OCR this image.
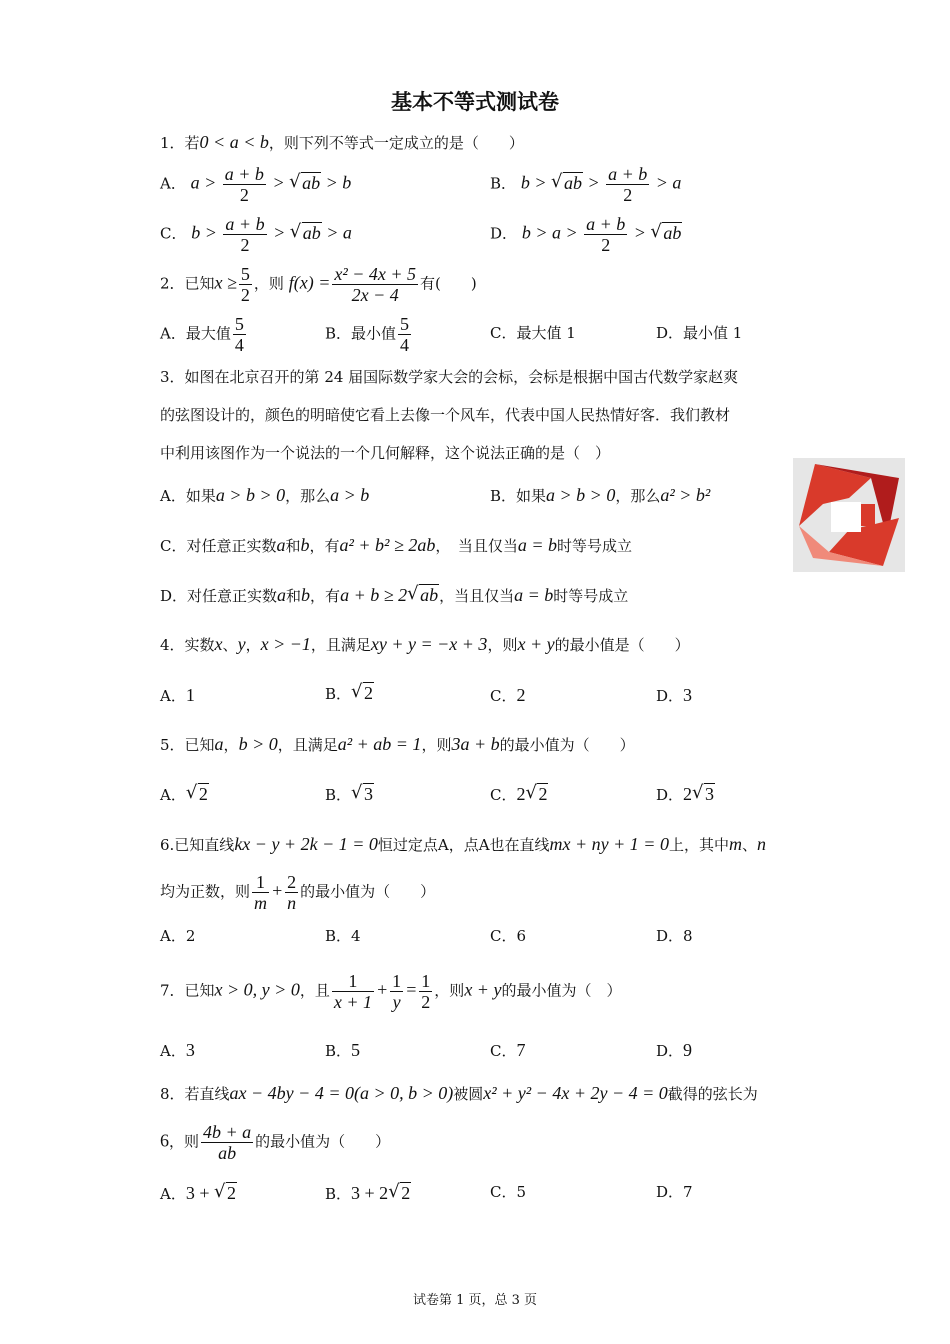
基本不等式测试卷
1．若0 < a < b，则下列不等式一定成立的是（　　）
A． $a > \frac{a + b}{2}$ > √ ab > b	B． b > √ ab > $\frac{a + b}{2} > a$
C． $b > \frac{a + b}{2}$ > √ ab > a	D． $b > a > \frac{a + b}{2}$ > √ ab
2．已知$x \ge \frac{5}{2}$ ，则 $f(x) = \frac{\text{x² − 4x + 5}}{2x - 4}$ 有(　　)
A．最大值 $\frac{5}{4}$	B．最小值 $\frac{5}{4}$	C．最大值 1	D．最小值 1
3．如图在北京召开的第 24 届国际数学家大会的会标，会标是根据中国古代数学家赵爽
的弦图设计的，颜色的明暗使它看上去像一个风车，代表中国人民热情好客．我们教材
中利用该图作为一个说法的一个几何解释，这个说法正确的是（　）
A．如果a > b > 0，那么a > b	B．如果a > b > 0，那么a² > b²
C．对任意正实数a和b，有a² + b² ≥ 2ab，　当且仅当a = b时等号成立
D．对任意正实数a和b，有a + b ≥ 2 √ ab，当且仅当a = b时等号成立
4．实数x、y，x > −1，且满足xy + y = −x + 3，则x + y的最小值是（　　）
A．1	B． √ 2	C．2	D．3
5．已知a，b > 0，且满足a² + ab = 1，则3a + b的最小值为（　　）
A． √ 2	B． √ 3	C．2 √ 2	D．2 √ 3
6.已知直线kx − y + 2k − 1 = 0恒过定点A，点A也在直线mx + ny + 1 = 0上，其中m、n
均为正数，则 $\frac{1}{m} + \frac{2}{n}$ 的最小值为（　　）
A．2	B．4	C．6	D．8
7．已知x > 0, y > 0，且 $\frac{1}{x + 1} + \frac{1}{y} = \frac{1}{2}$ ，则x + y的最小值为（　）
A．3	B．5	C．7	D．9
8．若直线ax − 4by − 4 = 0(a > 0, b > 0)被圆x² + y² − 4x + 2y − 4 = 0截得的弦长为
6，则 $\frac{4b + a}{ab}$ 的最小值为（　　）
A．3 + √ 2	B．3 + 2 √ 2	C．5	D．7
试卷第 1 页，总 3 页
